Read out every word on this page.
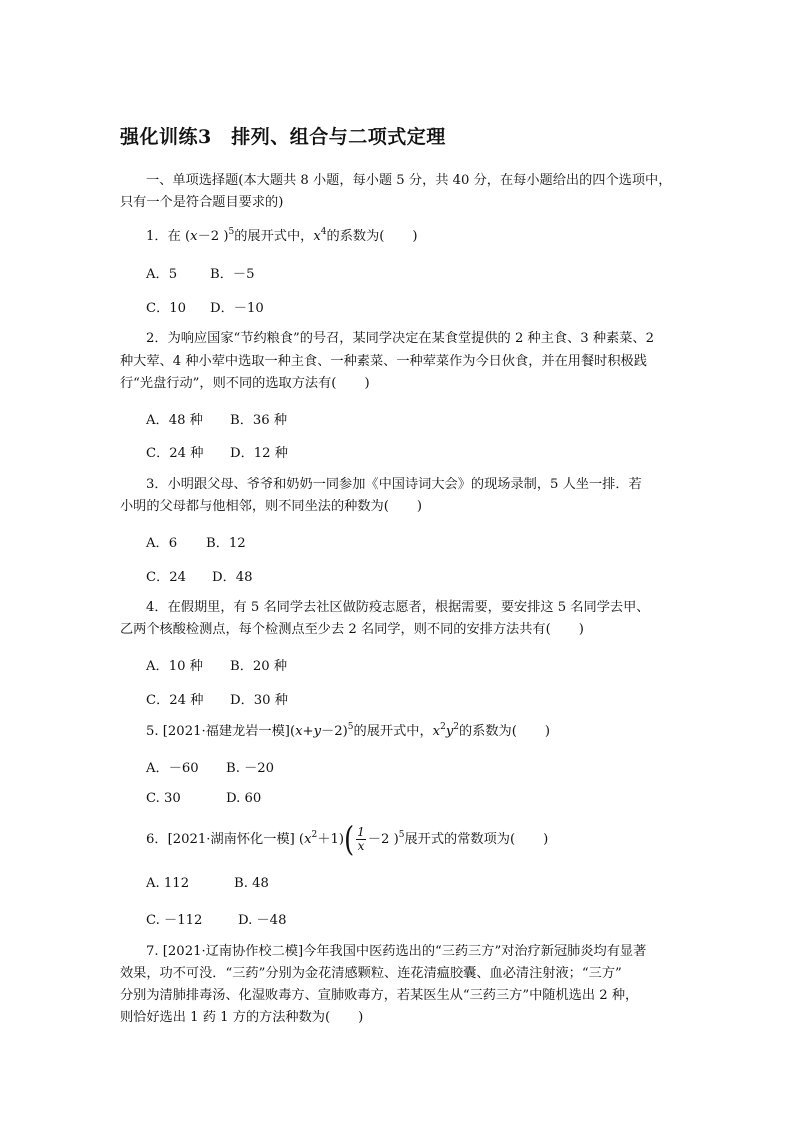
强化训练3　排列、组合与二项式定理
一、单项选择题(本大题共 8 小题，每小题 5 分，共 40 分，在每小题给出的四个选项中，
只有一个是符合题目要求的)
1．在 (x－2 )$^5$的展开式中，$x^4$的系数为( )
A．5 B．－5
C．10 D．－10
2．为响应国家“节约粮食”的号召，某同学决定在某食堂提供的 2 种主食、3 种素菜、2
种大荤、4 种小荤中选取一种主食、一种素菜、一种荤菜作为今日伙食，并在用餐时积极践
行“光盘行动”，则不同的选取方法有( )
A．48 种 B．36 种
C．24 种 D．12 种
3．小明跟父母、爷爷和奶奶一同参加《中国诗词大会》的现场录制，5 人坐一排．若
小明的父母都与他相邻，则不同坐法的种数为( )
A．6 B．12
C．24 D．48
4．在假期里，有 5 名同学去社区做防疫志愿者，根据需要，要安排这 5 名同学去甲、
乙两个核酸检测点，每个检测点至少去 2 名同学，则不同的安排方法共有( )
A．10 种 B．20 种
C．24 种 D．30 种
5. [2021·福建龙岩一模]$(x+y-2)^5$的展开式中，$x^2y^2$的系数为( )
A．－60 B. －20
C. 30	D. 60
6．[2021·湖南怀化一模] $(x^2+1)( \frac{1}{x} -2$ )$^5$展开式的常数项为( )
A. 112	B. 48
C. －112	D. －48
7. [2021·辽南协作校二模]今年我国中医药选出的“三药三方”对治疗新冠肺炎均有显著
效果，功不可没．“三药”分别为金花清感颗粒、连花清瘟胶囊、血必清注射液；“三方”
分别为清肺排毒汤、化湿败毒方、宣肺败毒方，若某医生从“三药三方”中随机选出 2 种，
则恰好选出 1 药 1 方的方法种数为( )
